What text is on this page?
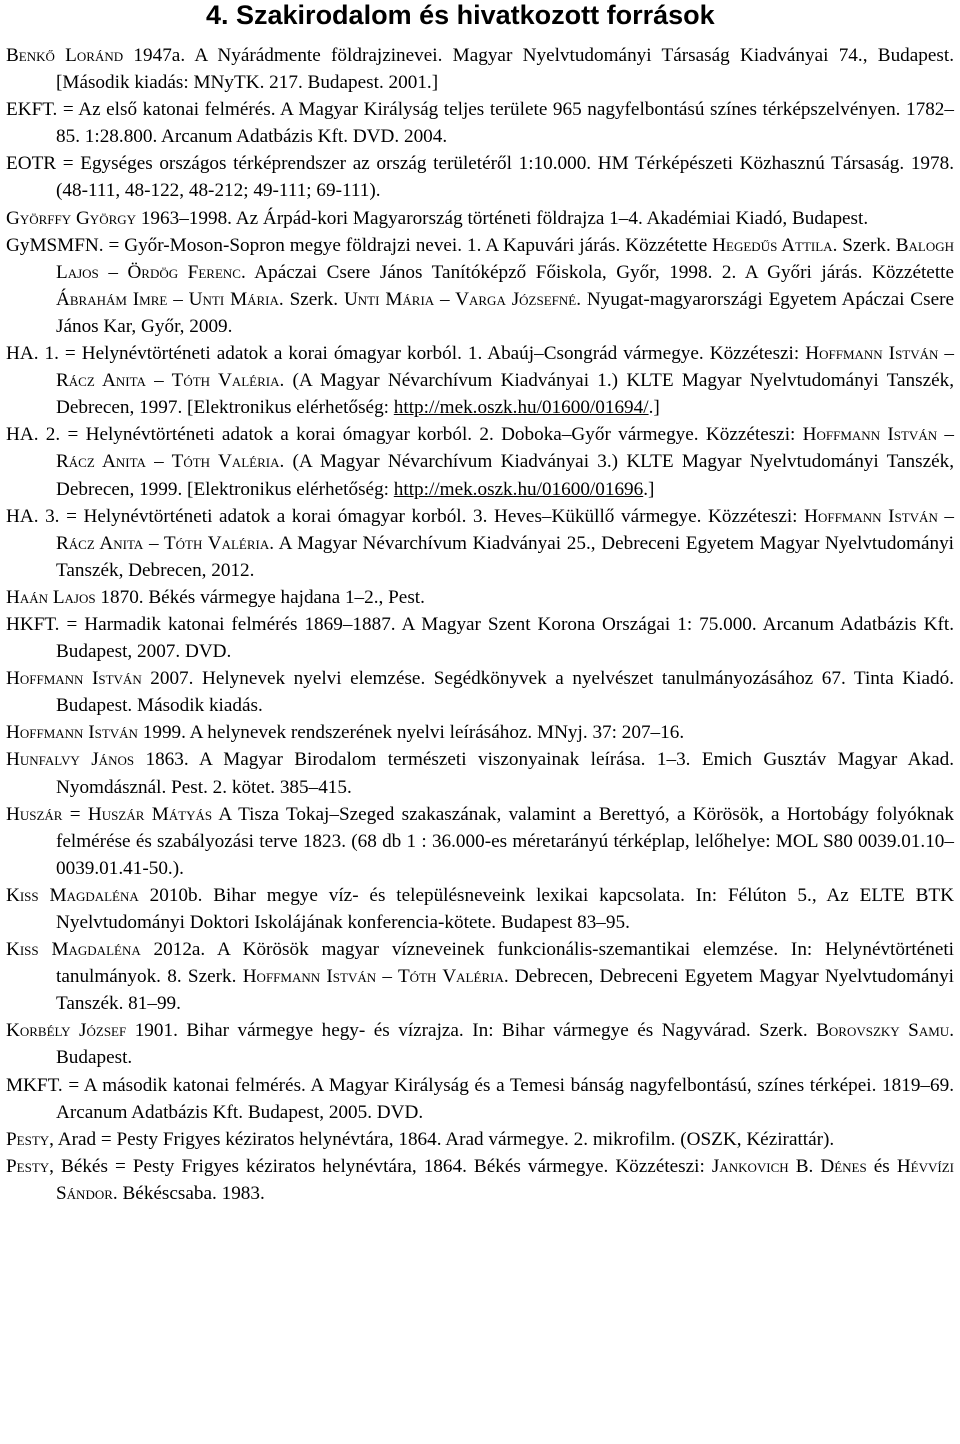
4. Szakirodalom és hivatkozott források

Benkő Loránd 1947a. A Nyárádmente földrajzinevei. Magyar Nyelvtudományi Társaság Kiadványai 74., Budapest. [Második kiadás: MNyTK. 217. Budapest. 2001.]

EKFT. = Az első katonai felmérés. A Magyar Királyság teljes területe 965 nagyfelbontású színes térképszelvényen. 1782–85. 1:28.800. Arcanum Adatbázis Kft. DVD. 2004.

EOTR = Egységes országos térképrendszer az ország területéről 1:10.000. HM Térképészeti Közhasznú Társaság. 1978. (48-111, 48-122, 48-212; 49-111; 69-111).

Györffy György 1963–1998. Az Árpád-kori Magyarország történeti földrajza 1–4. Akadémiai Kiadó, Budapest.

GyMSMFN. = Győr-Moson-Sopron megye földrajzi nevei. 1. A Kapuvári járás. Közzétette Hegedűs Attila. Szerk. Balogh Lajos – Ördög Ferenc. Apáczai Csere János Tanítóképző Főiskola, Győr, 1998. 2. A Győri járás. Közzétette Ábrahám Imre – Unti Mária. Szerk. Unti Mária – Varga Józsefné. Nyugat-magyarországi Egyetem Apáczai Csere János Kar, Győr, 2009.

HA. 1. = Helynévtörténeti adatok a korai ómagyar korból. 1. Abaúj–Csongrád vármegye. Közzéteszi: Hoffmann István – Rácz Anita – Tóth Valéria. (A Magyar Névarchívum Kiadványai 1.) KLTE Magyar Nyelvtudományi Tanszék, Debrecen, 1997. [Elektronikus elérhetőség: http://mek.oszk.hu/01600/01694/.]

HA. 2. = Helynévtörténeti adatok a korai ómagyar korból. 2. Doboka–Győr vármegye. Közzéteszi: Hoffmann István – Rácz Anita – Tóth Valéria. (A Magyar Névarchívum Kiadványai 3.) KLTE Magyar Nyelvtudományi Tanszék, Debrecen, 1999. [Elektronikus elérhetőség: http://mek.oszk.hu/01600/01696.]

HA. 3. = Helynévtörténeti adatok a korai ómagyar korból. 3. Heves–Küküllő vármegye. Közzéteszi: Hoffmann István – Rácz Anita – Tóth Valéria. A Magyar Névarchívum Kiadványai 25., Debreceni Egyetem Magyar Nyelvtudományi Tanszék, Debrecen, 2012.

Haán Lajos 1870. Békés vármegye hajdana 1–2., Pest.

HKFT. = Harmadik katonai felmérés 1869–1887. A Magyar Szent Korona Országai 1: 75.000. Arcanum Adatbázis Kft. Budapest, 2007. DVD.

Hoffmann István 2007. Helynevek nyelvi elemzése. Segédkönyvek a nyelvészet tanulmányozásához 67. Tinta Kiadó. Budapest. Második kiadás.

Hoffmann István 1999. A helynevek rendszerének nyelvi leírásához. MNyj. 37: 207–16.

Hunfalvy János 1863. A Magyar Birodalom természeti viszonyainak leírása. 1–3. Emich Gusztáv Magyar Akad. Nyomdásznál. Pest. 2. kötet. 385–415.

Huszár = Huszár Mátyás A Tisza Tokaj–Szeged szakaszának, valamint a Berettyó, a Körösök, a Hortobágy folyóknak felmérése és szabályozási terve 1823. (68 db 1 : 36.000-es méretarányú térképlap, lelőhelye: MOL S80 0039.01.10–0039.01.41-50.).

Kiss Magdaléna 2010b. Bihar megye víz- és településneveink lexikai kapcsolata. In: Félúton 5., Az ELTE BTK Nyelvtudományi Doktori Iskolájának konferencia-kötete. Budapest 83–95.

Kiss Magdaléna 2012a. A Körösök magyar vízneveinek funkcionális-szemantikai elemzése. In: Helynévtörténeti tanulmányok. 8. Szerk. Hoffmann István – Tóth Valéria. Debrecen, Debreceni Egyetem Magyar Nyelvtudományi Tanszék. 81–99.

Korbély József 1901. Bihar vármegye hegy- és vízrajza. In: Bihar vármegye és Nagyvárad. Szerk. Borovszky Samu. Budapest.

MKFT. = A második katonai felmérés. A Magyar Királyság és a Temesi bánság nagyfelbontású, színes térképei. 1819–69. Arcanum Adatbázis Kft. Budapest, 2005. DVD.

Pesty, Arad = Pesty Frigyes kéziratos helynévtára, 1864. Arad vármegye. 2. mikrofilm. (OSZK, Kézirattár).

Pesty, Békés = Pesty Frigyes kéziratos helynévtára, 1864. Békés vármegye. Közzéteszi: Jankovich B. Dénes és Hévvízi Sándor. Békéscsaba. 1983.
